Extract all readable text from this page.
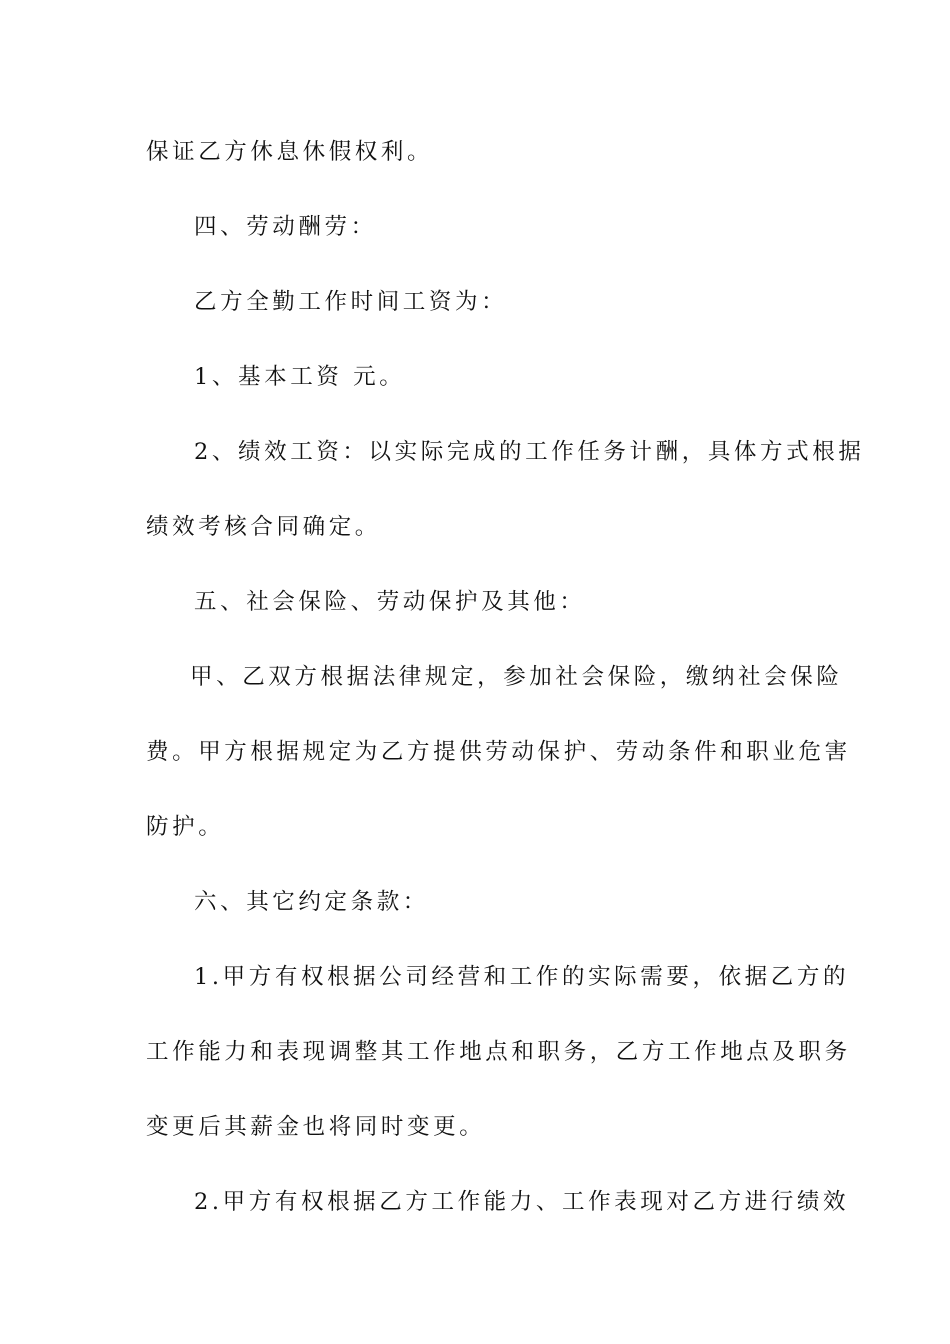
保证乙方休息休假权利。
四、劳动酬劳：
乙方全勤工作时间工资为：
1、基本工资 元。
2、绩效工资：以实际完成的工作任务计酬，具体方式根据
绩效考核合同确定。
五、社会保险、劳动保护及其他：
甲、乙双方根据法律规定，参加社会保险，缴纳社会保险
费。甲方根据规定为乙方提供劳动保护、劳动条件和职业危害
防护。
六、其它约定条款：
1.甲方有权根据公司经营和工作的实际需要，依据乙方的
工作能力和表现调整其工作地点和职务，乙方工作地点及职务
变更后其薪金也将同时变更。
2.甲方有权根据乙方工作能力、工作表现对乙方进行绩效
